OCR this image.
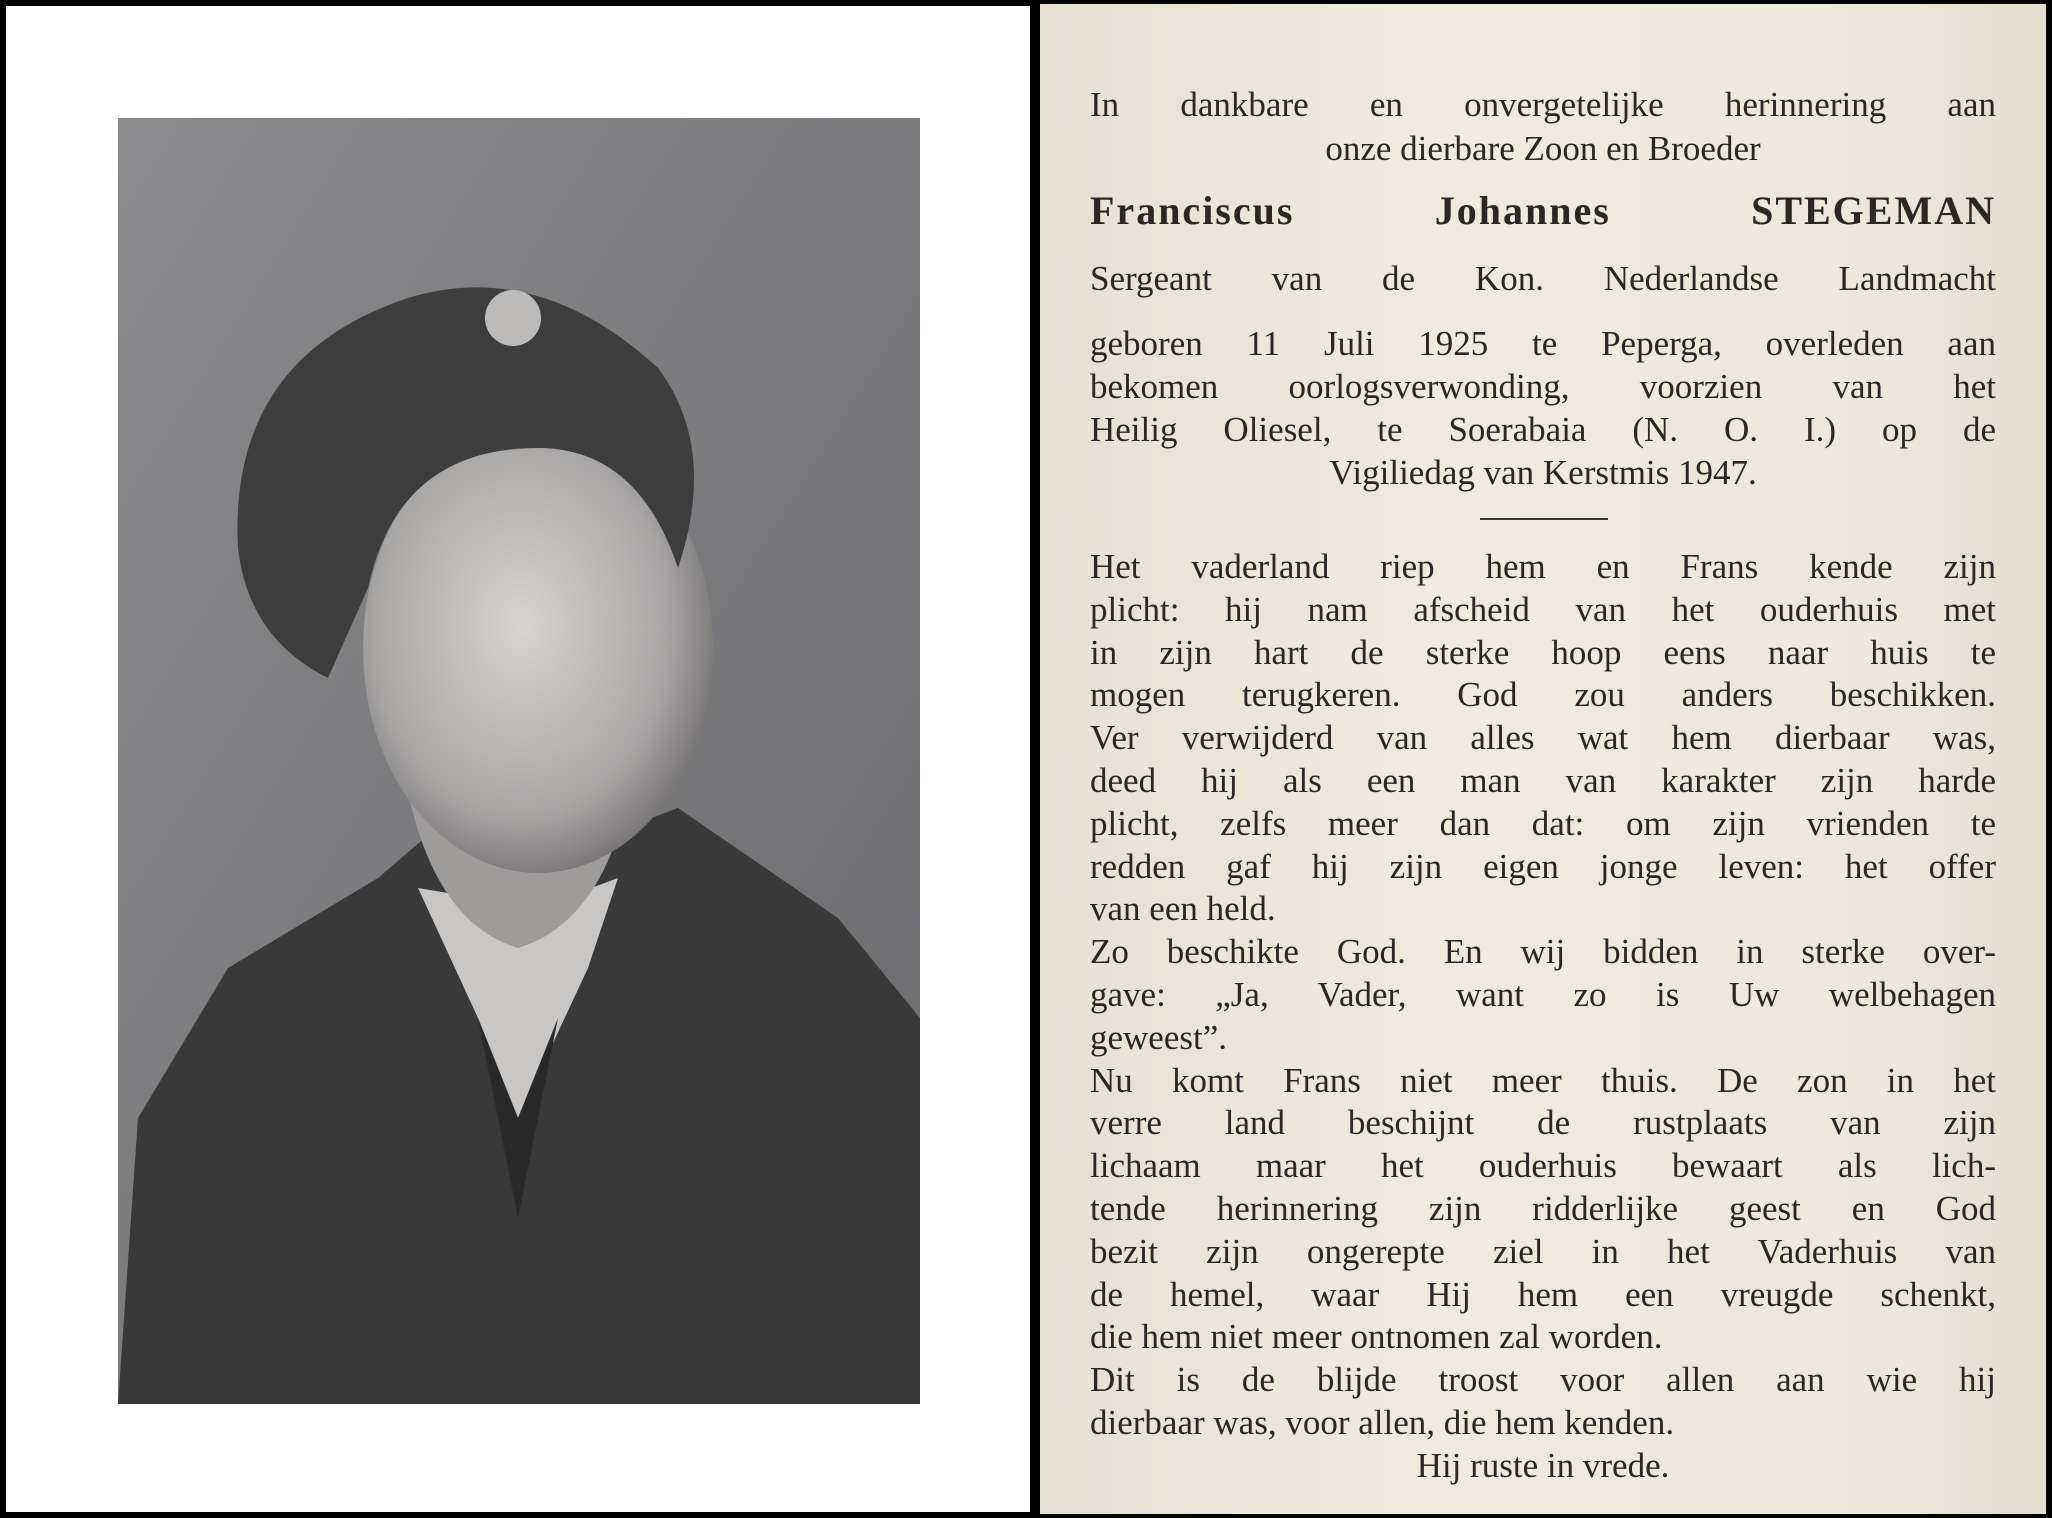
In dankbare en onvergetelijke herinnering aan
onze dierbare Zoon en Broeder
Franciscus Johannes STEGEMAN
Sergeant van de Kon. Nederlandse Landmacht
geboren 11 Juli 1925 te Peperga, overleden aan
bekomen oorlogsverwonding, voorzien van het
Heilig Oliesel, te Soerabaia (N. O. I.) op de
Vigiliedag van Kerstmis 1947.
Hij ruste in vrede.
Het vaderland riep hem en Frans kende zijn
plicht: hij nam afscheid van het ouderhuis met
in zijn hart de sterke hoop eens naar huis te
mogen terugkeren. God zou anders beschikken.
Ver verwijderd van alles wat hem dierbaar was,
deed hij als een man van karakter zijn harde
plicht, zelfs meer dan dat: om zijn vrienden te
redden gaf hij zijn eigen jonge leven: het offer
van een held.
Zo beschikte God. En wij bidden in sterke over-
gave: „Ja, Vader, want zo is Uw welbehagen
geweest”.
Nu komt Frans niet meer thuis. De zon in het
verre land beschijnt de rustplaats van zijn
lichaam maar het ouderhuis bewaart als lich-
tende herinnering zijn ridderlijke geest en God
bezit zijn ongerepte ziel in het Vaderhuis van
de hemel, waar Hij hem een vreugde schenkt,
die hem niet meer ontnomen zal worden.
Dit is de blijde troost voor allen aan wie hij
dierbaar was, voor allen, die hem kenden.
